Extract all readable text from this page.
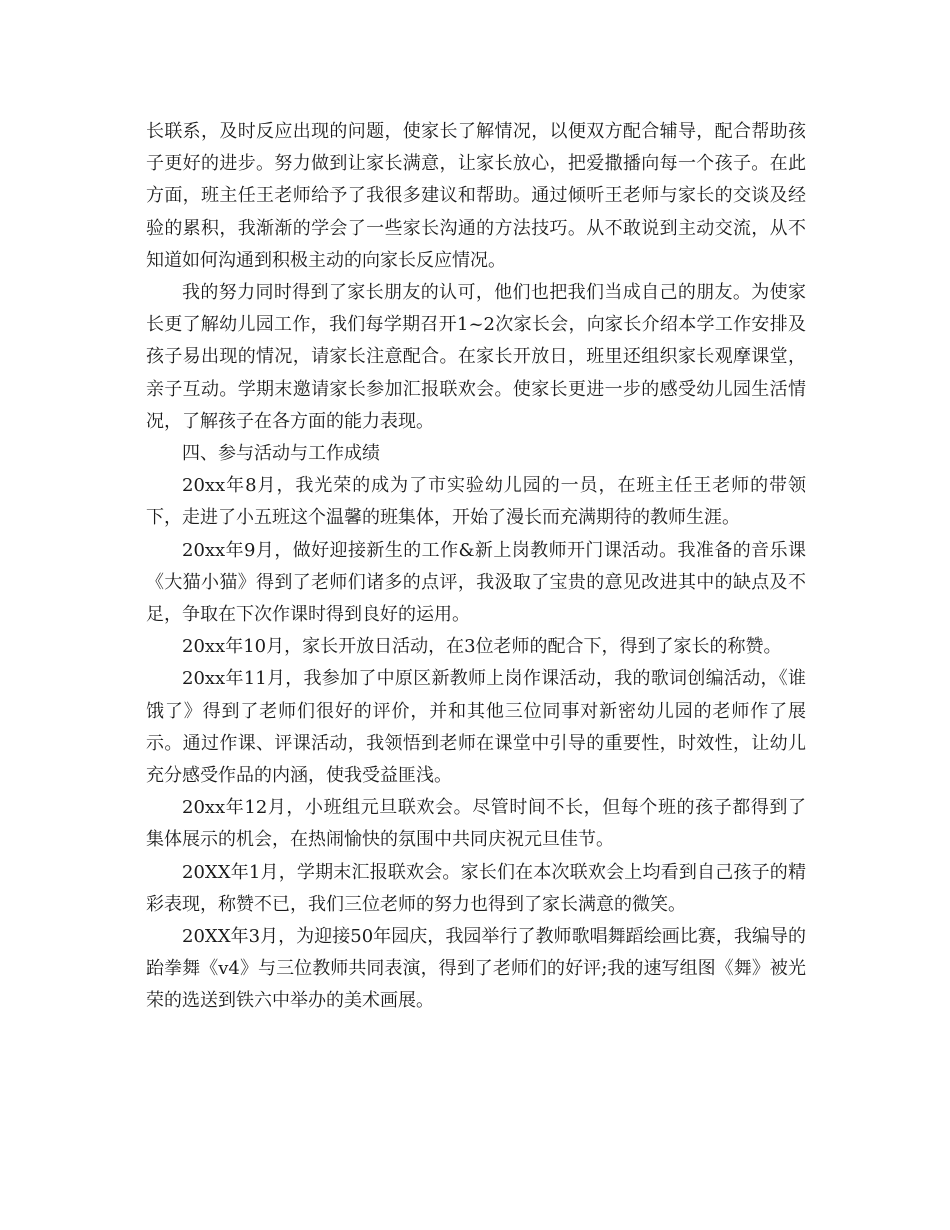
长联系，及时反应出现的问题，使家长了解情况，以便双方配合辅导，配合帮助孩子更好的进步。努力做到让家长满意，让家长放心，把爱撒播向每一个孩子。在此方面，班主任王老师给予了我很多建议和帮助。通过倾听王老师与家长的交谈及经验的累积，我渐渐的学会了一些家长沟通的方法技巧。从不敢说到主动交流，从不知道如何沟通到积极主动的向家长反应情况。

我的努力同时得到了家长朋友的认可，他们也把我们当成自己的朋友。为使家长更了解幼儿园工作，我们每学期召开1~2次家长会，向家长介绍本学工作安排及孩子易出现的情况，请家长注意配合。在家长开放日，班里还组织家长观摩课堂，亲子互动。学期末邀请家长参加汇报联欢会。使家长更进一步的感受幼儿园生活情况，了解孩子在各方面的能力表现。

四、参与活动与工作成绩

20xx年8月，我光荣的成为了市实验幼儿园的一员，在班主任王老师的带领下，走进了小五班这个温馨的班集体，开始了漫长而充满期待的教师生涯。

20xx年9月，做好迎接新生的工作&新上岗教师开门课活动。我准备的音乐课《大猫小猫》得到了老师们诸多的点评，我汲取了宝贵的意见改进其中的缺点及不足，争取在下次作课时得到良好的运用。

20xx年10月，家长开放日活动，在3位老师的配合下，得到了家长的称赞。

20xx年11月，我参加了中原区新教师上岗作课活动，我的歌词创编活动，《谁饿了》得到了老师们很好的评价，并和其他三位同事对新密幼儿园的老师作了展示。通过作课、评课活动，我领悟到老师在课堂中引导的重要性，时效性，让幼儿充分感受作品的内涵，使我受益匪浅。

20xx年12月，小班组元旦联欢会。尽管时间不长，但每个班的孩子都得到了集体展示的机会，在热闹愉快的氛围中共同庆祝元旦佳节。

20XX年1月，学期末汇报联欢会。家长们在本次联欢会上均看到自己孩子的精彩表现，称赞不已，我们三位老师的努力也得到了家长满意的微笑。

20XX年3月，为迎接50年园庆，我园举行了教师歌唱舞蹈绘画比赛，我编导的跆拳舞《v4》与三位教师共同表演，得到了老师们的好评;我的速写组图《舞》被光荣的选送到铁六中举办的美术画展。
